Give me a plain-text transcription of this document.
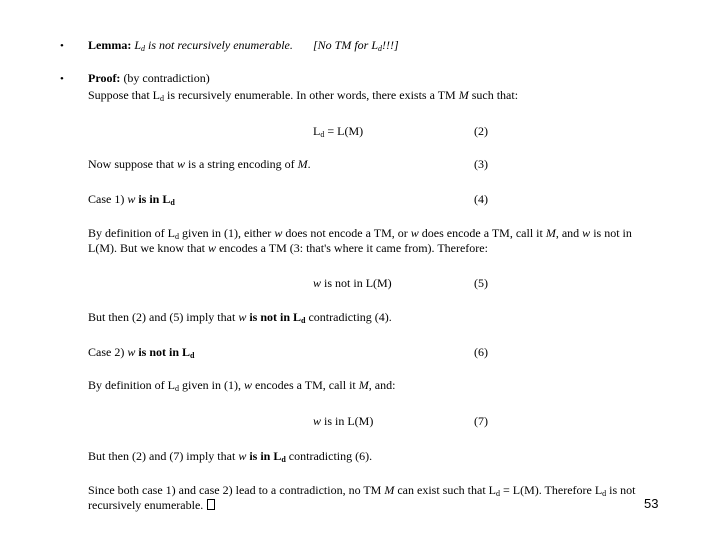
• Lemma: $L_d$ is not recursively enumerable. [No TM for $L_d$!!!]
• Proof: (by contradiction)
Suppose that $L_d$ is recursively enumerable. In other words, there exists a TM M such that:
$L_d = L(M)$	(2)
Now suppose that w is a string encoding of M.	(3)
Case 1) w is in $L_d$	(4)
By definition of $L_d$ given in (1), either w does not encode a TM, or w does encode a TM, call it M, and w is not in L(M). But we know that w encodes a TM (3: that's where it came from). Therefore:
w is not in L(M)	(5)
But then (2) and (5) imply that w is not in $L_d$ contradicting (4).
Case 2) w is not in $L_d$	(6)
By definition of $L_d$ given in (1), w encodes a TM, call it M, and:
w is in L(M)	(7)
But then (2) and (7) imply that w is in $L_d$ contradicting (6).
Since both case 1) and case 2) lead to a contradiction, no TM M can exist such that $L_d = L(M)$. Therefore $L_d$ is not recursively enumerable.	53
